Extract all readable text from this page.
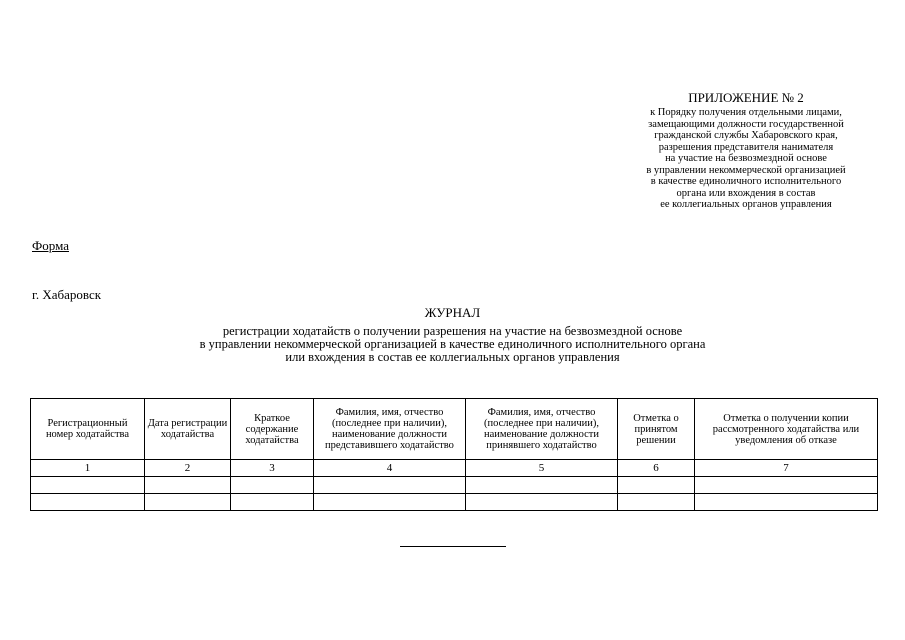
ПРИЛОЖЕНИЕ № 2
к Порядку получения отдельными лицами,
замещающими должности государственной
гражданской службы Хабаровского края,
разрешения представителя нанимателя
на участие на безвозмездной основе
в управлении некоммерческой организацией
в качестве единоличного исполнительного
органа или вхождения в состав
ее коллегиальных органов управления
Форма
г. Хабаровск
ЖУРНАЛ
регистрации ходатайств о получении разрешения на участие на безвозмездной основе
в управлении некоммерческой организацией в качестве единоличного исполнительного органа
или вхождения в состав ее коллегиальных органов управления
Регистрационный номер ходатайства	Дата регистрации ходатайства	Краткое содержание ходатайства	Фамилия, имя, отчество (последнее при наличии), наименование должности представившего ходатайство	Фамилия, имя, отчество (последнее при наличии), наименование должности принявшего ходатайство	Отметка о принятом решении	Отметка о получении копии рассмотренного ходатайства или уведомления об отказе
1	2	3	4	5	6	7
